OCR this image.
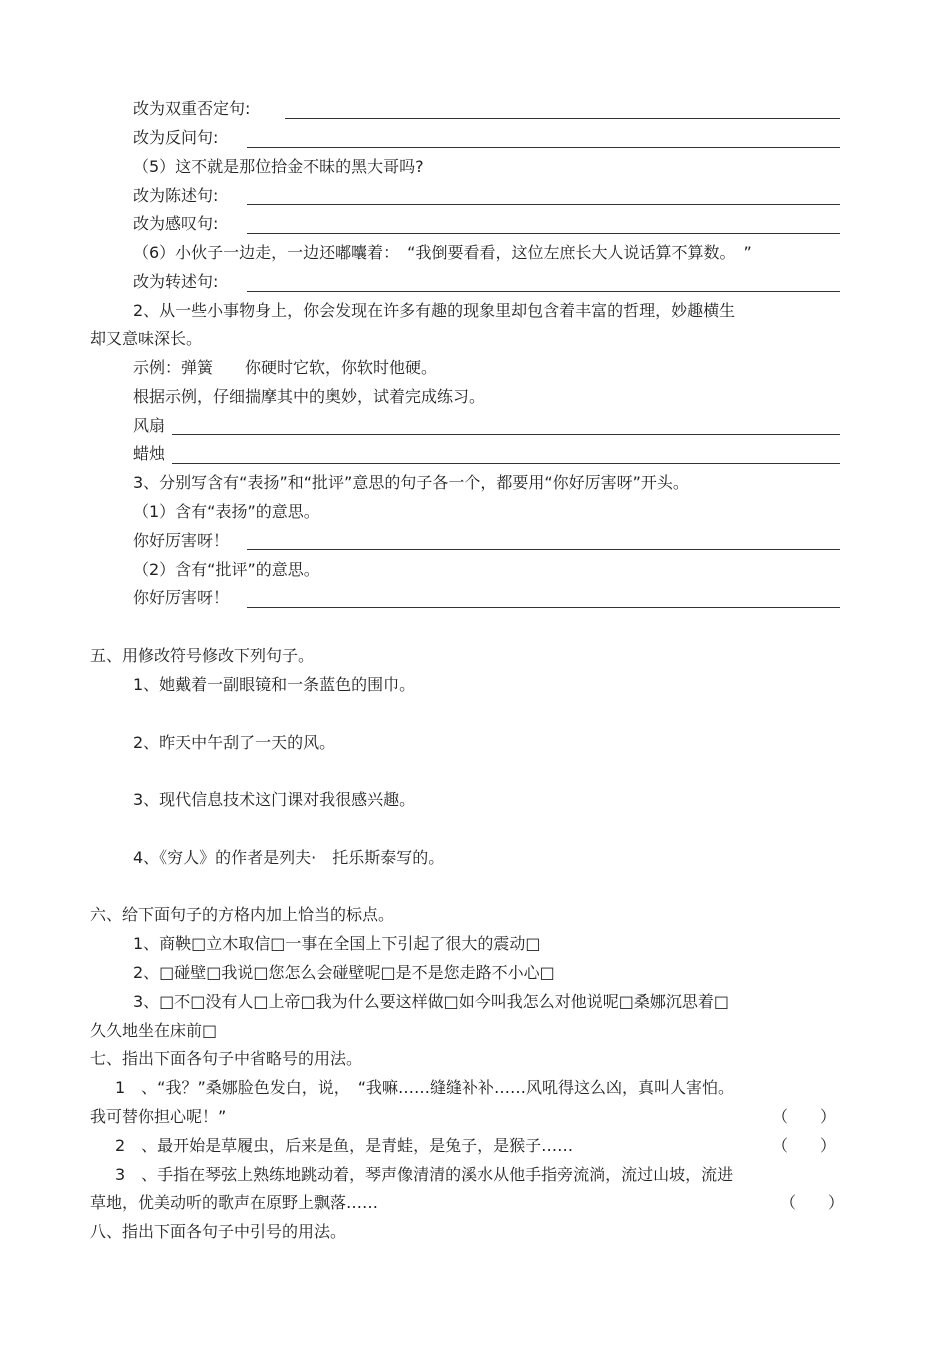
改为双重否定句:
改为反问句:
（5）这不就是那位拾金不昧的黑大哥吗?
改为陈述句:
改为感叹句:
（6）小伙子一边走，一边还嘟囔着：　“我倒要看看，这位左庶长大人说话算不算数。　”
改为转述句:
2、从一些小事物身上，你会发现在许多有趣的现象里却包含着丰富的哲理，妙趣横生
却又意味深长。
示例：弹簧　　你硬时它软，你软时他硬。
根据示例，仔细揣摩其中的奥妙，试着完成练习。
风扇
蜡烛
3、分别写含有“表扬”和“批评”意思的句子各一个，都要用“你好厉害呀”开头。
（1）含有“表扬”的意思。
你好厉害呀！
（2）含有“批评”的意思。
你好厉害呀！
五、用修改符号修改下列句子。
1、她戴着一副眼镜和一条蓝色的围巾。
2、昨天中午刮了一天的风。
3、现代信息技术这门课对我很感兴趣。
4、《穷人》的作者是列夫·　托乐斯泰写的。
六、给下面句子的方格内加上恰当的标点。
1、商鞅□立木取信□一事在全国上下引起了很大的震动□
2、□碰壁□我说□您怎么会碰壁呢□是不是您走路不小心□
3、□不□没有人□上帝□我为什么要这样做□如今叫我怎么对他说呢□桑娜沉思着□
久久地坐在床前□
七、指出下面各句子中省略号的用法。
1　、“我？”桑娜脸色发白，说，　“我嘛……缝缝补补……风吼得这么凶，真叫人害怕。
我可替你担心呢！”	（　　）
2　、最开始是草履虫，后来是鱼，是青蛙，是兔子，是猴子……	（　　）
3　、手指在琴弦上熟练地跳动着，琴声像清清的溪水从他手指旁流淌，流过山坡，流进
草地，优美动听的歌声在原野上飘落……	（　　）
八、指出下面各句子中引号的用法。
